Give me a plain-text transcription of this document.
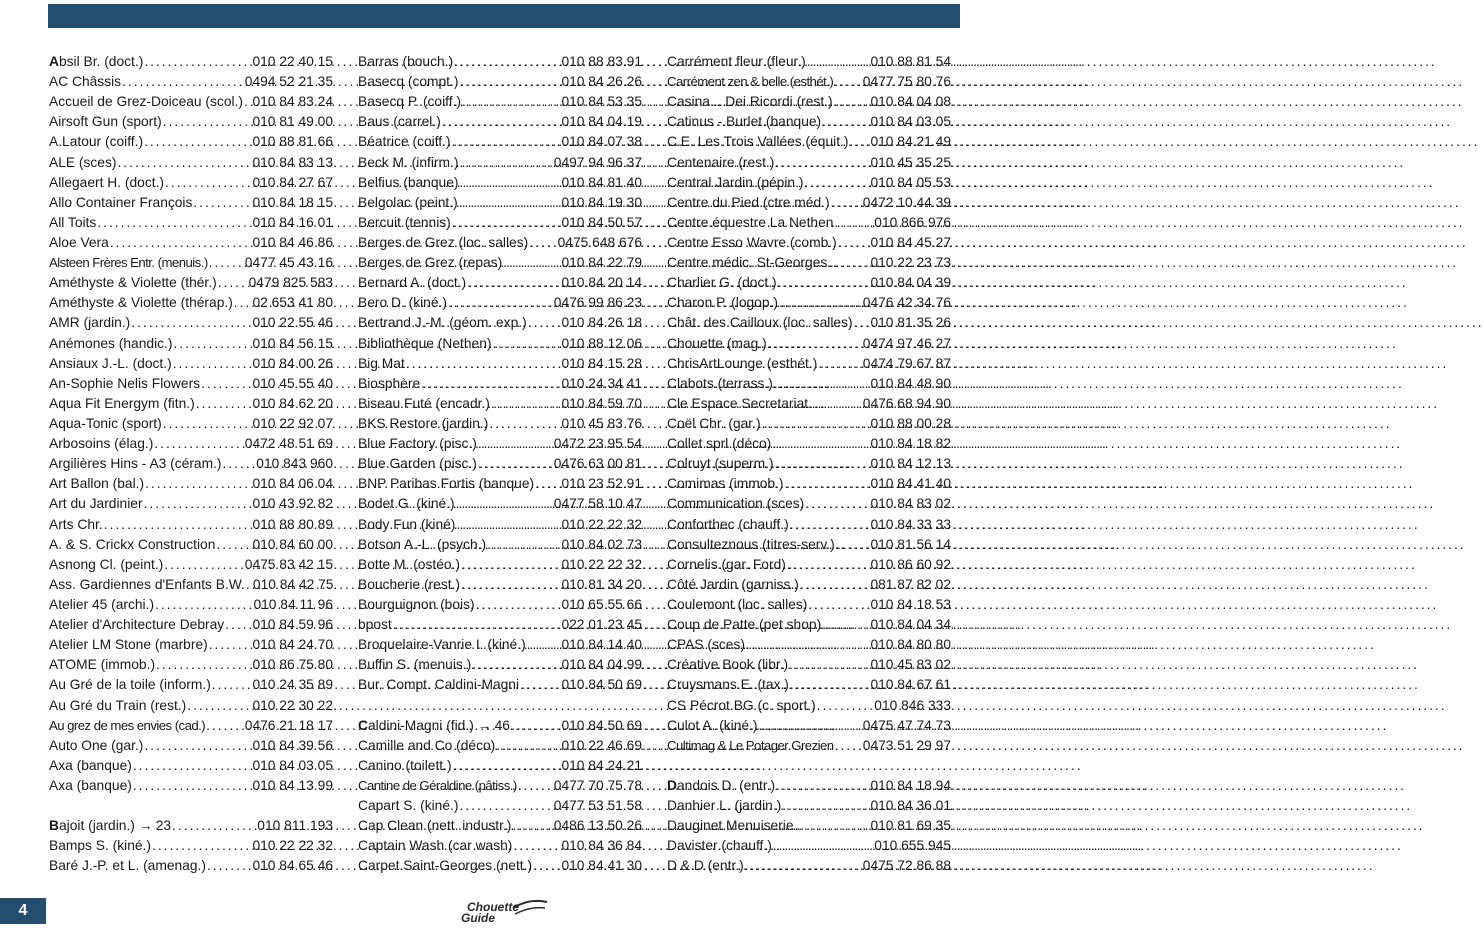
Index alphabétique   -   Index alphabétique   -   Index alphabétique

Absil Br. (doct.) .....	010 22 40 15
AC Châssis .....	0494 52 21 35
Accueil de Grez-Doiceau (scol.) ..... 010 84 83 24
Airsoft Gun (sport) .....	010 81 49 00
A.Latour (coiff.) .....	010 88 81 66
ALE (sces) .....	010 84 83 13
Allegaert H. (doct.) .....	010 84 27 67
Allo Container François .....	010 84 18 15
All Toits .....	010 84 16 01
Aloe Vera .....	010 84 46 86
Alsteen Frères Entr. (menuis.) .....	0477 45 43 16
Améthyste & Violette (thér.) ..... 0479 825 583
Améthyste & Violette (thérap.) ..... 02 653 41 80
AMR (jardin.) .....	010 22 55 46
Anémones (handic.) .....	010 84 56 15
Ansiaux J.-L. (doct.) .....	010 84 00 26
An-Sophie Nelis Flowers .....	010 45 55 40
Aqua Fit Energym (fitn.) .....	010 84 62 20
Aqua-Tonic (sport) .....	010 22 92 07
Arbosoins (élag.) .....	0472 48 51 69
Argilières Hins - A3 (céram.) .....	010 843 960
Art Ballon (bal.) .....	010 84 06 04
Art du Jardinier .....	010 43 92 82
Arts Chr. .....	010 88 80 89
A. & S. Crickx Construction .....	010 84 60 00
Asnong Cl. (peint.) .....	0475 83 42 15
Ass. Gardiennes d'Enfants B.W. ..... 010 84 42 75
Atelier 45 (archi.) .....	010 84 11 96
Atelier d'Architecture Debray ..... 010 84 59 96
Atelier LM Stone (marbre) .....	010 84 24 70
ATOME (immob.) .....	010 86 75 80
Au Gré de la toile (inform.) .....	010 24 35 89
Au Gré du Train (rest.) .....	010 22 30 22
Au grez de mes envies (cad.) .....	0476 21 18 17
Auto One (gar.) .....	010 84 39 56
Axa (banque) .....	010 84 03 05
Axa (banque) .....	010 84 13 99
Bajoit (jardin.) → 23 .....	010 811 193
Bamps S. (kiné.) .....	010 22 22 32
Baré J.-P. et L. (amenag.) .....	010 84 65 46
Barras (bouch.) .....	010 88 83 91
Basecq (compt.) .....	010 84 26 26
Basecq P. (coiff.) .....	010 84 53 35
Baus (carrel.) .....	010 84 04 19
Béatrice (coiff.) .....	010 84 07 38
Beck M. (infirm.) .....	0497 94 96 37
Belfius (banque) .....	010 84 81 40
Belgolac (peint.) .....	010 84 19 30
Bercuit (tennis) .....	010 84 50 57
Berges de Grez (loc. salles) ..... 0475 648 676
Berges de Grez (repas) .....	010 84 22 79
Bernard A. (doct.) .....	010 84 20 14
Bero D. (kiné.) .....	0476 99 86 23
Bertrand J.-M. (géom. exp.) .....	010 84 26 18
Bibliothèque (Nethen) .....	010 88 12 06
Big Mat .....	010 84 15 28
Biosphère .....	010 24 34 41
Biseau Futé (encadr.) .....	010 84 59 70
BKS Restore (jardin.) .....	010 45 83 76
Blue Factory (pisc.) .....	0472 23 95 54
Blue Garden (pisc.) .....	0476 63 00 81
BNP Paribas Fortis (banque) ..... 010 23 52 91
Bodet G. (kiné.) .....	0477 58 10 47
Body Fun (kiné) .....	010 22 22 32
Botson A.-L. (psych.) .....	010 84 02 73
Botte M. (ostéo.) .....	010 22 22 32
Boucherie (rest.) .....	010 81 34 20
Bourguignon (bois) .....	010 65 55 66
bpost .....	022 01 23 45
Broquelaire-Vanrie I. (kiné.) .....	010 84 14 40
Buffin S. (menuis.) .....	010 84 04 99
Bur. Compt. Caldini-Magni .....	010 84 50 69
Caldini-Magni (fid.) → 46 .....	010 84 50 69
Camille and Co (déco) .....	010 22 46 69
Canino (toilett.) .....	010 84 24 21
Cantine de Géraldine (pâtiss.) .....	0477 70 75 78
Capart S. (kiné.) .....	0477 53 51 58
Cap Clean (nett. industr.) .....	0486 13 50 26
Captain Wash (car wash) .....	010 84 36 84
Carpet Saint-Georges (nett.) ..... 010 84 41 30
Carrément fleur (fleur.) .....	010 88 81 54
Carrément zen & belle (esthét.) ..... 0477 75 80 76
Casina... Dei Ricordi (rest.) .....	010 84 04 08
Catinus - Burlet (banque) .....	010 84 03 05
C.E. Les Trois Vallées (équit.) ..... 010 84 21 49
Centenaire (rest.) .....	010 45 35 25
Central Jardin (pépin.) .....	010 84 05 53
Centre du Pied (ctre méd.) ..... 0472 10 44 39
Centre équestre La Nethen .....	010 866 976
Centre Esso Wavre (comb.) ..... 010 84 45 27
Centre médic. St-Georges .....	010 22 23 73
Charlier G. (doct.) .....	010 84 04 39
Charon P. (logop.) .....	0476 42 34 76
Chât. des Cailloux (loc. salles) ..... 010 81 35 26
Chouette (mag.) .....	0474 97 46 27
ChrisArtLounge (esthét.) .....	0474 79 67 87
Clabots (terrass.) .....	010 84 48 90
Cle Espace Secretariat .....	0476 68 94 90
Coël Chr. (gar.) .....	010 88 00 28
Collet sprl (déco) .....	010 84 18 82
Colruyt (superm.) .....	010 84 12 13
Comimas (immob.) .....	010 84 41 40
Communication (sces) .....	010 84 83 02
Conforthec (chauff.) .....	010 84 33 33
Consulteznous (titres-serv.) .....	010 81 56 14
Cornelis (gar. Ford) .....	010 86 60 92
Côté Jardin (garniss.) .....	081 87 82 02
Coulemont (loc. salles) .....	010 84 18 53
Coup de Patte (pet shop) .....	010 84 04 34
CPAS (sces) .....	010 84 80 80
Créative Book (libr.) .....	010 45 83 02
Cruysmans E. (tax.) .....	010 84 67 61
CS Pécrot BG (c. sport.) .....	010 846 333
Culot A. (kiné.) .....	0475 47 74 73
Cultimag & Le Potager Grezien ..... 0473 51 29 97
Dandois D. (entr.) .....	010 84 18 94
Danhier L. (jardin.) .....	010 84 36 01
Dauginet Menuiserie .....	010 81 69 35
Davister (chauff.) .....	010 655 945
D & D (entr.) .....	0475 72 86 88
4	Chouette
Guide
